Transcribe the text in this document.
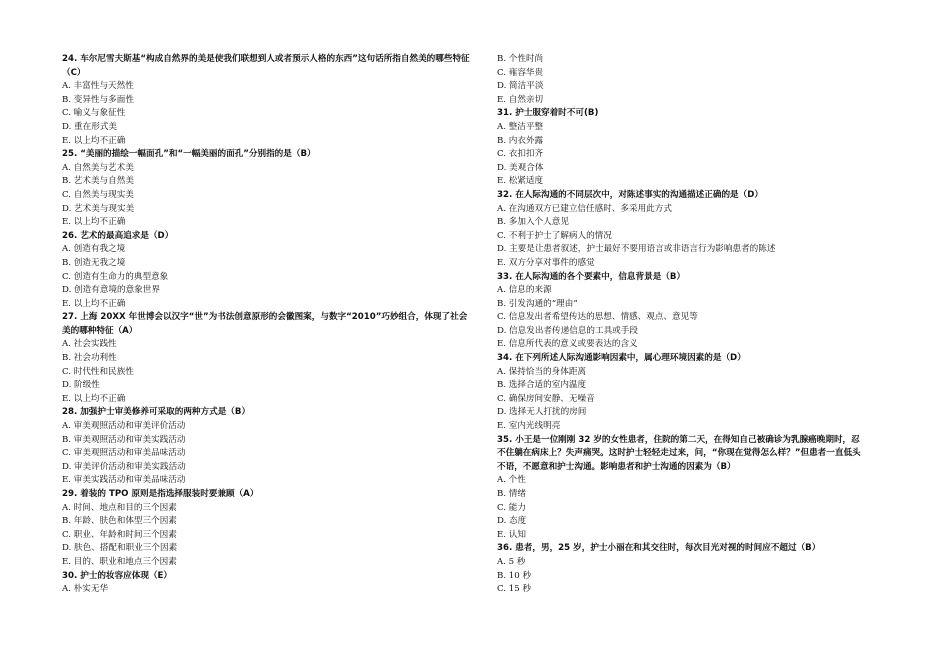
24. 车尔尼雪夫斯基“构成自然界的美是使我们联想到人或者预示人格的东西”这句话所指自然美的哪些特征（C）
A. 丰富性与天然性
B. 变异性与多面性
C. 喻义与象征性
D. 重在形式美
E. 以上均不正确
25. “美丽的描绘一幅面孔”和“一幅美丽的面孔”分别指的是（B）
A. 自然美与艺术美
B. 艺术美与自然美
C. 自然美与现实美
D. 艺术美与现实美
E. 以上均不正确
26. 艺术的最高追求是（D）
A. 创造有我之境
B. 创造无我之境
C. 创造有生命力的典型意象
D. 创造有意境的意象世界
E. 以上均不正确
27. 上海 20XX 年世博会以汉字“世”为书法创意原形的会徽图案，与数字“2010”巧妙组合，体现了社会美的哪种特征（A）
A. 社会实践性
B. 社会功利性
C. 时代性和民族性
D. 阶级性
E. 以上均不正确
28. 加强护士审美修养可采取的两种方式是（B）
A. 审美观照活动和审美评价活动
B. 审美观照活动和审美实践活动
C. 审美观照活动和审美品味活动
D. 审美评价活动和审美实践活动
E. 审美实践活动和审美品味活动
29. 着装的 TPO 原则是指选择服装时要兼顾（A）
A. 时间、地点和目的三个因素
B. 年龄、肤色和体型三个因素
C. 职业、年龄和时间三个因素
D. 肤色、搭配和职业三个因素
E. 目的、职业和地点三个因素
30. 护士的妆容应体现（E）
A. 朴实无华
B. 个性时尚
C. 雍容华贵
D. 简洁平淡
E. 自然亲切
31. 护士服穿着时不可(B)
A. 整洁平整
B. 内衣外露
C. 衣扣扣齐
D. 美观合体
E. 松紧适度
32. 在人际沟通的不同层次中，对陈述事实的沟通描述正确的是（D）
A. 在沟通双方已建立信任感时、多采用此方式
B. 多加入个人意见
C. 不利于护士了解病人的情况
D. 主要是让患者叙述，护士最好不要用语言或非语言行为影响患者的陈述
E. 双方分享对事件的感觉
33. 在人际沟通的各个要素中，信息背景是（B）
A. 信息的来源
B. 引发沟通的“理由”
C. 信息发出者希望传达的思想、情感、观点、意见等
D. 信息发出者传递信息的工具或手段
E. 信息所代表的意义或要表达的含义
34. 在下列所述人际沟通影响因素中，属心理环境因素的是（D）
A. 保持恰当的身体距离
B. 选择合适的室内温度
C. 确保房间安静、无噪音
D. 选择无人打扰的房间
E. 室内光线明亮
35. 小王是一位刚刚 32 岁的女性患者，住院的第二天，在得知自己被确诊为乳腺癌晚期时，忍不住躺在病床上？失声痛哭。这时护士轻轻走过来，问，“你现在觉得怎么样？”但患者一直低头不语，不愿意和护士沟通。影响患者和护士沟通的因素为（B）
A. 个性
B. 情绪
C. 能力
D. 态度
E. 认知
36. 患者，男，25 岁，护士小丽在和其交往时，每次目光对视的时间应不超过（B）
A. 5 秒
B. 10 秒
C. 15 秒
